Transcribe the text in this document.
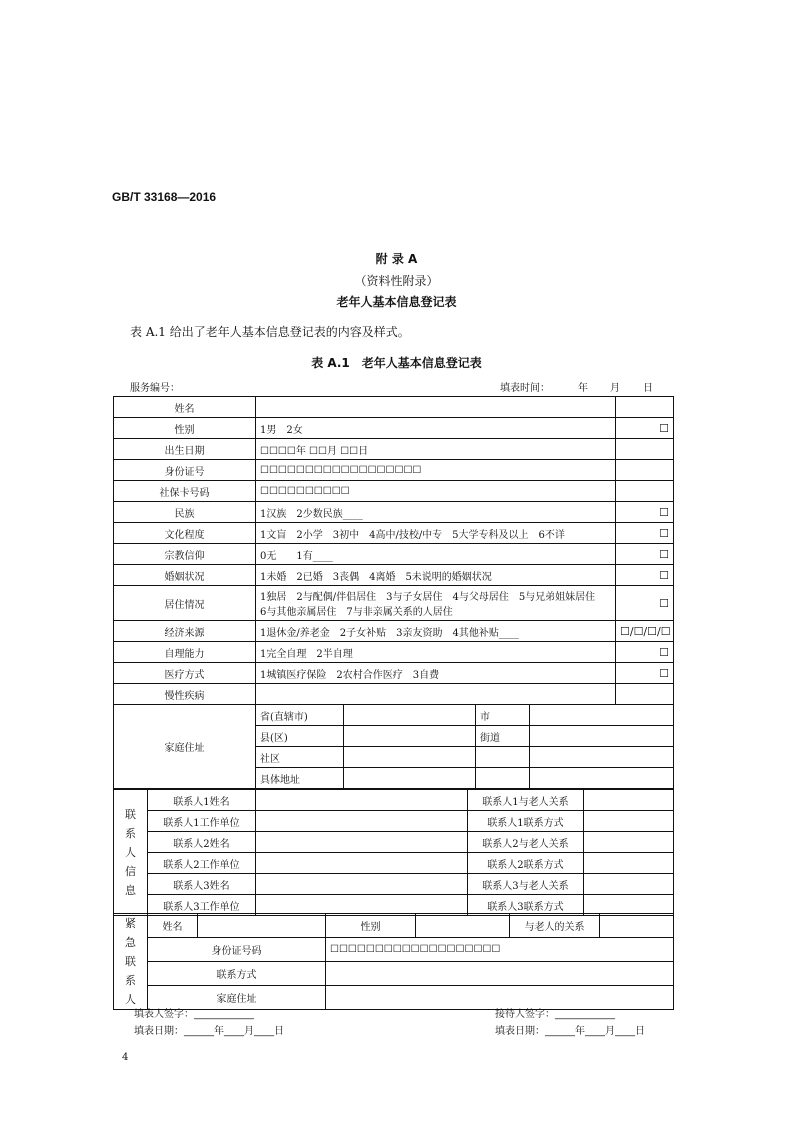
GB/T 33168—2016
附 录 A
（资料性附录）
老年人基本信息登记表
表 A.1 给出了老年人基本信息登记表的内容及样式。
表 A.1　老年人基本信息登记表
服务编号：	填表时间：	年 月 日
姓名					
性别	1男　2女				☐
出生日期	☐☐☐☐年 ☐☐月 ☐☐日				
身份证号	☐☐☐☐☐☐☐☐☐☐☐☐☐☐☐☐☐☐				
社保卡号码	☐☐☐☐☐☐☐☐☐☐				
民族	1汉族　2少数民族____				☐
文化程度	1文盲　2小学　3初中　4高中/技校/中专　5大学专科及以上　6不详				☐
宗教信仰	0无　　1有____				☐
婚姻状况	1未婚　2已婚　3丧偶　4离婚　5未说明的婚姻状况				☐
居住情况	1独居　2与配偶/伴侣居住　3与子女居住　4与父母居住　5与兄弟姐妹居住
6与其他亲属居住　7与非亲属关系的人居住				☐
经济来源	1退休金/养老金　2子女补贴　3亲友资助　4其他补贴____				☐/☐/☐/☐
自理能力	1完全自理　2半自理				☐
医疗方式	1城镇医疗保险　2农村合作医疗　3自费				☐
慢性疾病					
家庭住址	省(直辖市)		市		
	县(区)		街道		
	社区				
	具体地址				
联
系
人
信
息	联系人1姓名		联系人1与老人关系	
	联系人1工作单位		联系人1联系方式	
	联系人2姓名		联系人2与老人关系	
	联系人2工作单位		联系人2联系方式	
	联系人3姓名		联系人3与老人关系	
	联系人3工作单位		联系人3联系方式	
紧
急
联
系
人	姓名		性别		与老人的关系	
	身份证号码		☐☐☐☐☐☐☐☐☐☐☐☐☐☐☐☐☐☐☐			
	联系方式					
	家庭住址					
填表人签字：____________	接待人签字：____________
填表日期：______年____月____日	填表日期：______年____月____日
4
